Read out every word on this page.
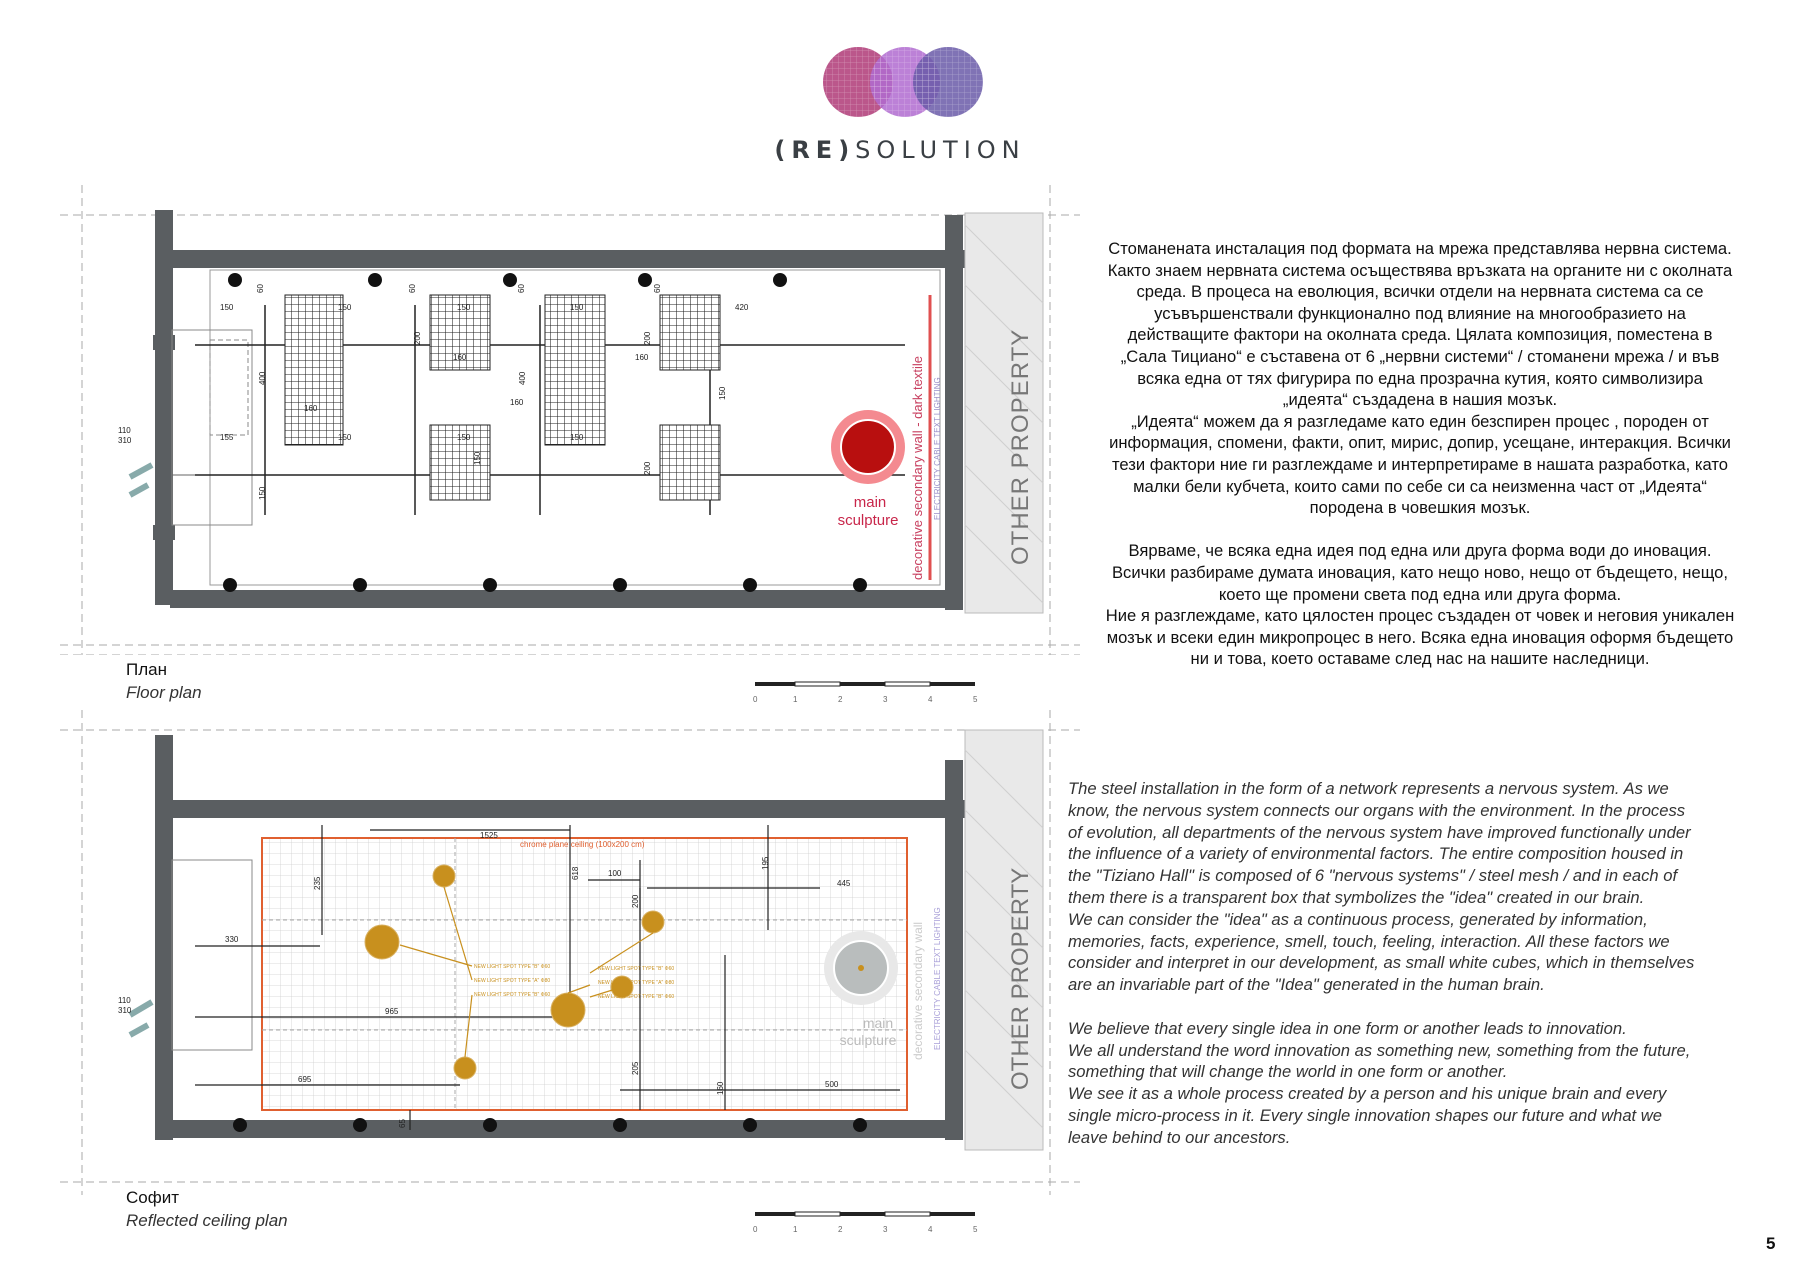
(RE)SOLUTION
OTHER PROPERTY
150	150	150	150	420
155	150	150	150
160
160
160
160
110
310
60	60	60	60
400	400
200	200
200
150
150
150	decorative secondary wall - dark textile ELECTRICITY CABLE TEXT LIGHTING
main
sculpture
План
Floor plan	0	1	2	3	4	5
OTHER PROPERTY
chrome plane ceiling (100x200 cm)
1525
618
235
330
965
695
100
200
195
445
500
205
160
65
110
310
NEW LIGHT SPOT TYPE "B" Φ60
NEW LIGHT SPOT TYPE "A" Φ80
NEW LIGHT SPOT TYPE "B" Φ60
NEW LIGHT SPOT TYPE "B" Φ60
NEW LIGHT SPOT TYPE "A" Φ80
NEW LIGHT SPOT TYPE "B" Φ60
main
sculpture decorative secondary wall ELECTRICITY CABLE TEXT LIGHTING
Софит
Reflected ceiling plan	0	1	2	3	4	5
Стоманената инсталация под формата на мрежа представлява нервна система.
Както знаем нервната система осъществява връзката на органите ни с околната
среда. В процеса на еволюция, всички отдели на нервната система са се
усъвършенствали функционално под влияние на многообразието на
действащите фактори на околната среда. Цялата композиция, поместена в
„Сала Тициано“ е съставена от 6 „нервни системи“ / стоманени мрежа / и във
всяка една от тях фигурира по една прозрачна кутия, която символизира
„идеята“ създадена в нашия мозък.
„Идеята“ можем да я разгледаме като един безспирен процес , породен от
информация, спомени, факти, опит, мирис, допир, усещане, интеракция. Всички
тези фактори ние ги разглеждаме и интерпретираме в нашата разработка, като
малки бели кубчета, които сами по себе си са неизменна част от „Идеята“
породена в човешкия мозък.

Вярваме, че всяка една идея под една или друга форма води до иновация.
Всички разбираме думата иновация, като нещо ново, нещо от бъдещето, нещо,
което ще промени света под една или друга форма.
Ние я разглеждаме, като цялостен процес създаден от човек и неговия уникален
мозък и всеки един микропроцес в него. Всяка една иновация оформя бъдещето
ни и това, което оставаме след нас на нашите наследници.
The steel installation in the form of a network represents a nervous system. As we
know, the nervous system connects our organs with the environment. In the process
of evolution, all departments of the nervous system have improved functionally under
the influence of a variety of environmental factors. The entire composition housed in
the "Tiziano Hall" is composed of 6 "nervous systems" / steel mesh / and in each of
them there is a transparent box that symbolizes the "idea" created in our brain.
We can consider the "idea" as a continuous process, generated by information,
memories, facts, experience, smell, touch, feeling, interaction. All these factors we
consider and interpret in our development, as small white cubes, which in themselves
are an invariable part of the "Idea" generated in the human brain.

We believe that every single idea in one form or another leads to innovation.
We all understand the word innovation as something new, something from the future,
something that will change the world in one form or another.
We see it as a whole process created by a person and his unique brain and every
single micro-process in it. Every single innovation shapes our future and what we
leave behind to our ancestors.
5
